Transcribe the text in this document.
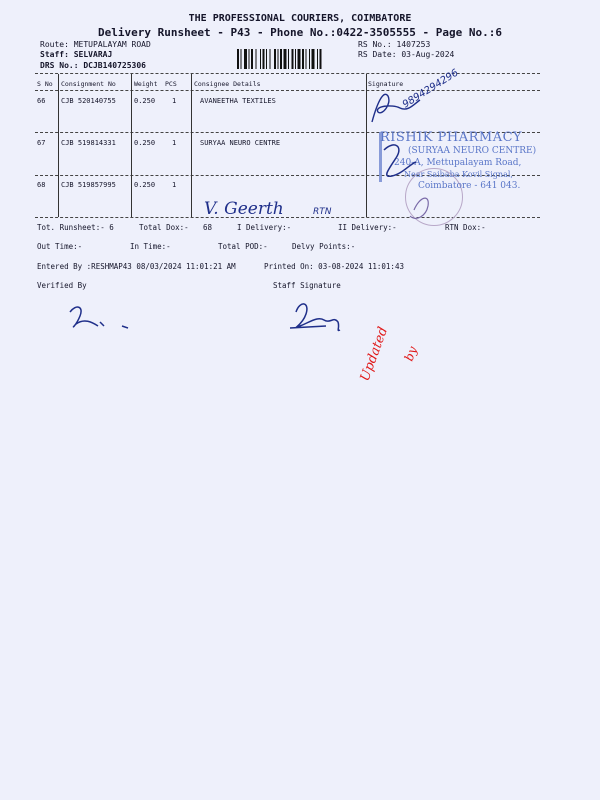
THE PROFESSIONAL COURIERS, COIMBATORE
Delivery Runsheet - P43 - Phone No.:0422-3505555 - Page No.:6
Route: METUPALAYAM ROAD
Staff: SELVARAJ
DRS No.: DCJB140725306
RS No.: 1407253
RS Date: 03-Aug-2024
S No Consignment No	Weight PCS	Consignee Details	Signature
66 CJB 520140755	0.250 1	AVANEETHA TEXTILES
67 CJB 519814331	0.250 1	SURYAA NEURO CENTRE
68 CJB 519857995	0.250 1
Tot. Runsheet:- 6	Total Dox:- 68	I Delivery:-	II Delivery:-	RTN Dox:-
Out Time:-	In Time:-	Total POD:-	Delvy Points:-
Entered By :RESHMAP43 08/03/2024 11:01:21 AM	Printed On: 03-08-2024 11:01:43
Verified By	Staff Signature
RISHIK PHARMACY
(SURYAA NEURO CENTRE)
240-A, Mettupalayam Road,
Near Saibaba Kovil Signal,
Coimbatore - 641 043.
9894294296
V. Geerth	RTN
Updated by
